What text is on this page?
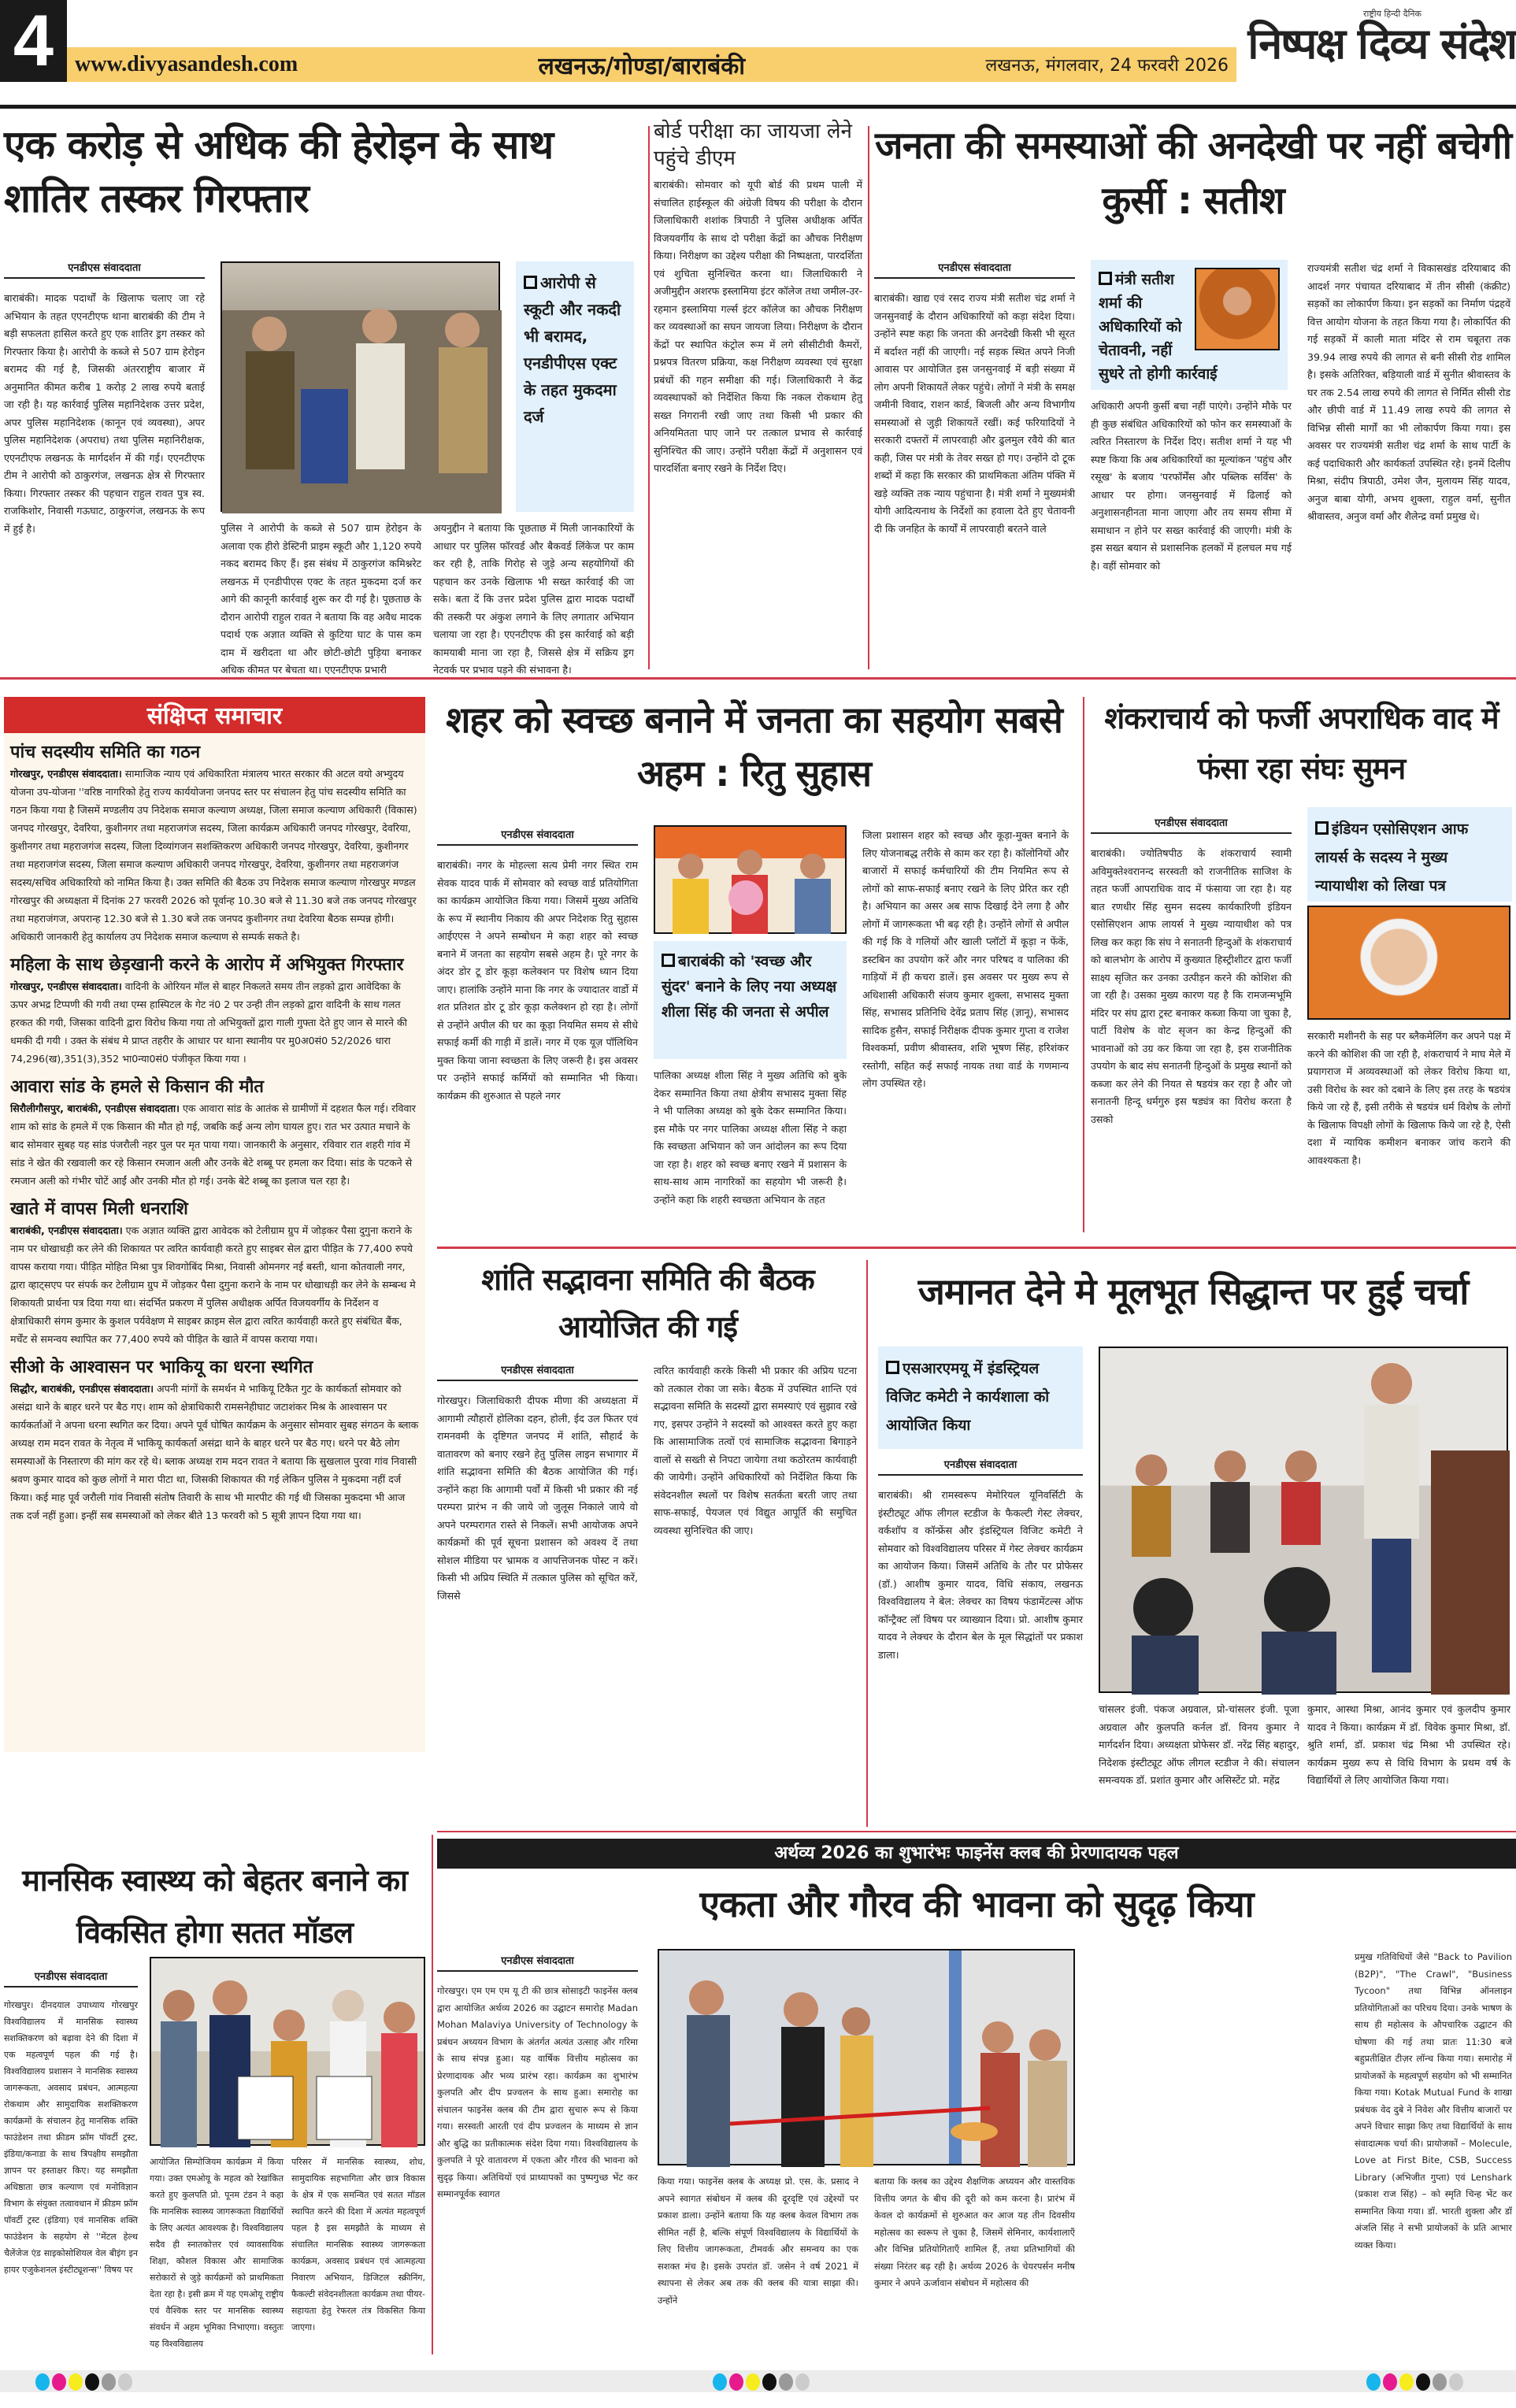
4 www.divyasandesh.com	लखनऊ/गोण्डा/बाराबंकी	लखनऊ, मंगलवार, 24 फरवरी 2026
राष्ट्रीय हिन्दी दैनिक
निष्पक्ष दिव्य संदेश
एक करोड़ से अधिक की हेरोइन के साथ शातिर तस्कर गिरफ्तार
एनडीएस संवाददाता
बाराबंकी। मादक पदार्थों के खिलाफ चलाए जा रहे अभियान के तहत एएनटीएफ थाना बाराबंकी की टीम ने बड़ी सफलता हासिल करते हुए एक शातिर ड्रग तस्कर को गिरफ्तार किया है। आरोपी के कब्जे से 507 ग्राम हेरोइन बरामद की गई है, जिसकी अंतरराष्ट्रीय बाजार में अनुमानित कीमत करीब 1 करोड़ 2 लाख रुपये बताई जा रही है। यह कार्रवाई पुलिस महानिदेशक उत्तर प्रदेश, अपर पुलिस महानिदेशक (कानून एवं व्यवस्था), अपर पुलिस महानिदेशक (अपराध) तथा पुलिस महानिरीक्षक, एएनटीएफ लखनऊ के मार्गदर्शन में की गई। एएनटीएफ टीम ने आरोपी को ठाकुरगंज, लखनऊ क्षेत्र से गिरफ्तार किया। गिरफ्तार तस्कर की पहचान राहुल रावत पुत्र स्व. राजकिशोर, निवासी गऊघाट, ठाकुरगंज, लखनऊ के रूप में हुई है।
आरोपी से स्कूटी और नकदी भी बरामद, एनडीपीएस एक्ट के तहत मुकदमा दर्ज
पुलिस ने आरोपी के कब्जे से 507 ग्राम हेरोइन के अलावा एक हीरो डेस्टिनी प्राइम स्कूटी और 1,120 रुपये नकद बरामद किए हैं। इस संबंध में ठाकुरगंज कमिश्नरेट लखनऊ में एनडीपीएस एक्ट के तहत मुकदमा दर्ज कर आगे की कानूनी कार्रवाई शुरू कर दी गई है। पूछताछ के दौरान आरोपी राहुल रावत ने बताया कि वह अवैध मादक पदार्थ एक अज्ञात व्यक्ति से कुटिया घाट के पास कम दाम में खरीदता था और छोटी-छोटी पुड़िया बनाकर अधिक कीमत पर बेचता था। एएनटीएफ प्रभारी
अयनुद्दीन ने बताया कि पूछताछ में मिली जानकारियों के आधार पर पुलिस फॉरवर्ड और बैकवर्ड लिंकेज पर काम कर रही है, ताकि गिरोह से जुड़े अन्य सहयोगियों की पहचान कर उनके खिलाफ भी सख्त कार्रवाई की जा सके। बता दें कि उत्तर प्रदेश पुलिस द्वारा मादक पदार्थों की तस्करी पर अंकुश लगाने के लिए लगातार अभियान चलाया जा रहा है। एएनटीएफ की इस कार्रवाई को बड़ी कामयाबी माना जा रहा है, जिससे क्षेत्र में सक्रिय ड्रग नेटवर्क पर प्रभाव पड़ने की संभावना है।
बोर्ड परीक्षा का जायजा लेने पहुंचे डीएम
बाराबंकी। सोमवार को यूपी बोर्ड की प्रथम पाली में संचालित हाईस्कूल की अंग्रेजी विषय की परीक्षा के दौरान जिलाधिकारी शशांक त्रिपाठी ने पुलिस अधीक्षक अर्पित विजयवर्गीय के साथ दो परीक्षा केंद्रों का औचक निरीक्षण किया। निरीक्षण का उद्देश्य परीक्षा की निष्पक्षता, पारदर्शिता एवं शुचिता सुनिश्चित करना था। जिलाधिकारी ने अजीमुद्दीन अशरफ इस्लामिया इंटर कॉलेज तथा जमील-उर-रहमान इस्लामिया गर्ल्स इंटर कॉलेज का औचक निरीक्षण कर व्यवस्थाओं का सघन जायजा लिया। निरीक्षण के दौरान केंद्रों पर स्थापित कंट्रोल रूम में लगे सीसीटीवी कैमरों, प्रश्नपत्र वितरण प्रक्रिया, कक्ष निरीक्षण व्यवस्था एवं सुरक्षा प्रबंधों की गहन समीक्षा की गई। जिलाधिकारी ने केंद्र व्यवस्थापकों को निर्देशित किया कि नकल रोकथाम हेतु सख्त निगरानी रखी जाए तथा किसी भी प्रकार की अनियमितता पाए जाने पर तत्काल प्रभाव से कार्रवाई सुनिश्चित की जाए। उन्होंने परीक्षा केंद्रों में अनुशासन एवं पारदर्शिता बनाए रखने के निर्देश दिए।
जनता की समस्याओं की अनदेखी पर नहीं बचेगी कुर्सी : सतीश
एनडीएस संवाददाता
बाराबंकी। खाद्य एवं रसद राज्य मंत्री सतीश चंद्र शर्मा ने जनसुनवाई के दौरान अधिकारियों को कड़ा संदेश दिया। उन्होंने स्पष्ट कहा कि जनता की अनदेखी किसी भी सूरत में बर्दाश्त नहीं की जाएगी। नई सड़क स्थित अपने निजी आवास पर आयोजित इस जनसुनवाई में बड़ी संख्या में लोग अपनी शिकायतें लेकर पहुंचे। लोगों ने मंत्री के समक्ष जमीनी विवाद, राशन कार्ड, बिजली और अन्य विभागीय समस्याओं से जुड़ी शिकायतें रखीं। कई फरियादियों ने सरकारी दफ्तरों में लापरवाही और ढुलमुल रवैये की बात कही, जिस पर मंत्री के तेवर सख्त हो गए। उन्होंने दो टूक शब्दों में कहा कि सरकार की प्राथमिकता अंतिम पंक्ति में खड़े व्यक्ति तक न्याय पहुंचाना है। मंत्री शर्मा ने मुख्यमंत्री योगी आदित्यनाथ के निर्देशों का हवाला देते हुए चेतावनी दी कि जनहित के कार्यों में लापरवाही बरतने वाले
मंत्री सतीश शर्मा की अधिकारियों को चेतावनी, नहीं सुधरे तो होगी कार्रवाई
अधिकारी अपनी कुर्सी बचा नहीं पाएंगे। उन्होंने मौके पर ही कुछ संबंधित अधिकारियों को फोन कर समस्याओं के त्वरित निस्तारण के निर्देश दिए। सतीश शर्मा ने यह भी स्पष्ट किया कि अब अधिकारियों का मूल्यांकन 'पहुंच और रसूख' के बजाय 'परफॉर्मेंस और पब्लिक सर्विस' के आधार पर होगा। जनसुनवाई में ढिलाई को अनुशासनहीनता माना जाएगा और तय समय सीमा में समाधान न होने पर सख्त कार्रवाई की जाएगी। मंत्री के इस सख्त बयान से प्रशासनिक हलकों में हलचल मच गई है। वहीं सोमवार को
राज्यमंत्री सतीश चंद्र शर्मा ने विकासखंड दरियाबाद की आदर्श नगर पंचायत दरियाबाद में तीन सीसी (कंक्रीट) सड़कों का लोकार्पण किया। इन सड़कों का निर्माण पंद्रहवें वित्त आयोग योजना के तहत किया गया है। लोकार्पित की गई सड़कों में काली माता मंदिर से राम चबूतरा तक 39.94 लाख रुपये की लागत से बनी सीसी रोड शामिल है। इसके अतिरिक्त, बड़ियाली वार्ड में सुनीत श्रीवास्तव के घर तक 2.54 लाख रुपये की लागत से निर्मित सीसी रोड और छीपी वार्ड में 11.49 लाख रुपये की लागत से विभिन्न सीसी मार्गों का भी लोकार्पण किया गया। इस अवसर पर राज्यमंत्री सतीश चंद्र शर्मा के साथ पार्टी के कई पदाधिकारी और कार्यकर्ता उपस्थित रहे। इनमें दिलीप मिश्रा, संदीप त्रिपाठी, उमेश जैन, मुलायम सिंह यादव, अनुज बाबा योगी, अभय शुक्ला, राहुल वर्मा, सुनीत श्रीवास्तव, अनुज वर्मा और शैलेन्द्र वर्मा प्रमुख थे।
संक्षिप्त समाचार
पांच सदस्यीय समिति का गठन
गोरखपुर, एनडीएस संवाददाता। सामाजिक न्याय एवं अधिकारिता मंत्रालय भारत सरकार की अटल वयो अभ्युदय योजना उप-योजना ''वरिष्ठ नागरिको हेतु राज्य कार्ययोजना जनपद स्तर पर संचालन हेतु पांच सदस्यीय समिति का गठन किया गया है जिसमें मण्डलीय उप निदेशक समाज कल्याण अध्यक्ष, जिला समाज कल्याण अधिकारी (विकास) जनपद गोरखपुर, देवरिया, कुशीनगर तथा महराजगंज सदस्य, जिला कार्यक्रम अधिकारी जनपद गोरखपुर, देवरिया, कुशीनगर तथा महराजगंज सदस्य, जिला दिव्यांगजन सशक्तिकरण अधिकारी जनपद गोरखपुर, देवरिया, कुशीनगर तथा महराजगंज सदस्य, जिला समाज कल्याण अधिकारी जनपद गोरखपुर, देवरिया, कुशीनगर तथा महराजगंज सदस्य/सचिव अधिकारियो को नामित किया है। उक्त समिति की बैठक उप निदेशक समाज कल्याण गोरखपुर मण्डल गोरखपुर की अध्यक्षता में दिनांक 27 फरवरी 2026 को पूर्वान्ह 10.30 बजे से 11.30 बजे तक जनपद गोरखपुर तथा महराजंगज, अपरान्ह 12.30 बजे से 1.30 बजे तक जनपद कुशीनगर तथा देवरिया बैठक सम्पन्न होगी। अधिकारी जानकारी हेतु कार्यालय उप निदेशक समाज कल्याण से सम्पर्क सकते है।
महिला के साथ छेड़खानी करने के आरोप में अभियुक्त गिरफ्तार
गोरखपुर, एनडीएस संवाददाता। वादिनी के ओरियन मॉल से बाहर निकलते समय तीन लड़को द्वारा आवेदिका के ऊपर अभद्र टिप्पणी की गयी तथा एम्स हास्पिटल के गेट नं0 2 पर उन्ही तीन लड़को द्वारा वादिनी के साथ गलत हरकत की गयी, जिसका वादिनी द्वारा विरोध किया गया तो अभियुक्तों द्वारा गाली गुफ्ता देते हुए जान से मारने की धमकी दी गयी । उक्त के संबंध मे प्राप्त तहरीर के आधार पर थाना स्थानीय पर मु0अ0सं0 52/2026 धारा 74,296(ख),351(3),352 भा0न्या0सं0 पंजीकृत किया गया ।
आवारा सांड के हमले से किसान की मौत
सिरौलीगौसपुर, बाराबंकी, एनडीएस संवाददाता। एक आवारा सांड के आतंक से ग्रामीणों में दहशत फैल गई। रविवार शाम को सांड के हमले में एक किसान की मौत हो गई, जबकि कई अन्य लोग घायल हुए। रात भर उत्पात मचाने के बाद सोमवार सुबह यह सांड पंजरौली नहर पुल पर मृत पाया गया। जानकारी के अनुसार, रविवार रात शहरी गांव में सांड ने खेत की रखवाली कर रहे किसान रमजान अली और उनके बेटे शब्बू पर हमला कर दिया। सांड के पटकने से रमजान अली को गंभीर चोटें आईं और उनकी मौत हो गई। उनके बेटे शब्बू का इलाज चल रहा है।
खाते में वापस मिली धनराशि
बाराबंकी, एनडीएस संवाददाता। एक अज्ञात व्यक्ति द्वारा आवेदक को टेलीग्राम ग्रुप में जोड़कर पैसा दुगुना कराने के नाम पर धोखाधड़ी कर लेने की शिकायत पर त्वरित कार्यवाही करते हुए साइबर सेल द्वारा पीड़ित के 77,400 रुपये वापस कराया गया। पीड़ित मोहित मिश्रा पुत्र शिवगोबिंद मिश्रा, निवासी ओमनगर नई बस्ती, थाना कोतवाली नगर, द्वारा व्हाट्सएप पर संपर्क कर टेलीग्राम ग्रुप में जोड़कर पैसा दुगुना कराने के नाम पर धोखाधड़ी कर लेने के सम्बन्ध मे शिकायती प्रार्थना पत्र दिया गया था। संदर्भित प्रकरण में पुलिस अधीक्षक अर्पित विजयवर्गीय के निर्देशन व क्षेत्राधिकारी संगम कुमार के कुशल पर्यवेक्षण मे साइबर क्राइम सेल द्वारा त्वरित कार्यवाही करते हुए संबंधित बैंक, मर्चेंट से समन्वय स्थापित कर 77,400 रुपये को पीड़ित के खाते में वापस कराया गया।
सीओ के आश्वासन पर भाकियू का धरना स्थगित
सिद्धौर, बाराबंकी, एनडीएस संवाददाता। अपनी मांगों के समर्थन मे भाकियू टिकैत गुट के कार्यकर्ता सोमवार को असंद्रा थाने के बाहर धरने पर बैठ गए। शाम को क्षेत्राधिकारी रामसनेहीघाट जटाशंकर मिश्र के आश्वासन पर कार्यकर्ताओं ने अपना धरना स्थगित कर दिया। अपने पूर्व घोषित कार्यक्रम के अनुसार सोमवार सुबह संगठन के ब्लाक अध्यक्ष राम मदन रावत के नेतृत्व में भाकियू कार्यकर्ता असंद्रा थाने के बाहर धरने पर बैठ गए। धरने पर बैठे लोग समस्याओं के निस्तारण की मांग कर रहे थे। ब्लाक अध्यक्ष राम मदन रावत ने बताया कि सुखलाल पुरवा गांव निवासी श्रवण कुमार यादव को कुछ लोगों ने मारा पीटा था, जिसकी शिकायत की गई लेकिन पुलिस ने मुकदमा नहीं दर्ज किया। कई माह पूर्व जरौली गांव निवासी संतोष तिवारी के साथ भी मारपीट की गई थी जिसका मुकदमा भी आज तक दर्ज नहीं हुआ। इन्हीं सब समस्याओं को लेकर बीते 13 फरवरी को 5 सूत्री ज्ञापन दिया गया था।
शहर को स्वच्छ बनाने में जनता का सहयोग सबसे अहम : रितु सुहास
एनडीएस संवाददाता
बाराबंकी। नगर के मोहल्ला सत्य प्रेमी नगर स्थित राम सेवक यादव पार्क में सोमवार को स्वच्छ वार्ड प्रतियोगिता का कार्यक्रम आयोजित किया गया। जिसमें मुख्य अतिथि के रूप में स्थानीय निकाय की अपर निदेशक रितु सुहास आईएएस ने अपने सम्बोधन मे कहा शहर को स्वच्छ बनाने में जनता का सहयोग सबसे अहम है। पूरे नगर के अंदर डोर टू डोर कूड़ा कलेक्शन पर विशेष ध्यान दिया जाए। हालांकि उन्होंने माना कि नगर के ज्यादातर वार्डो में शत प्रतिशत डोर टू डोर कूड़ा कलेक्शन हो रहा है। लोगों से उन्होंने अपील की घर का कूड़ा नियमित समय से सीधे सफाई कर्मी की गाड़ी में डालें। नगर में एक यूज़ पॉलिथिन मुक्त किया जाना स्वच्छता के लिए जरूरी है। इस अवसर पर उन्होंने सफाई कर्मियों को सम्मानित भी किया। कार्यक्रम की शुरुआत से पहले नगर
बाराबंकी को 'स्वच्छ और सुंदर' बनाने के लिए नया अध्यक्ष शीला सिंह की जनता से अपील
पालिका अध्यक्ष शीला सिंह ने मुख्य अतिथि को बुके देकर सम्मानित किया तथा क्षेत्रीय सभासद मुक्ता सिंह ने भी पालिका अध्यक्ष को बुके देकर सम्मानित किया। इस मौके पर नगर पालिका अध्यक्ष शीला सिंह ने कहा कि स्वच्छता अभियान को जन आंदोलन का रूप दिया जा रहा है। शहर को स्वच्छ बनाए रखने में प्रशासन के साथ-साथ आम नागरिकों का सहयोग भी जरूरी है। उन्होंने कहा कि शहरी स्वच्छता अभियान के तहत
जिला प्रशासन शहर को स्वच्छ और कूड़ा-मुक्त बनाने के लिए योजनाबद्ध तरीके से काम कर रहा है। कॉलोनियों और बाजारों में सफाई कर्मचारियों की टीम नियमित रूप से लोगों को साफ-सफाई बनाए रखने के लिए प्रेरित कर रही है। अभियान का असर अब साफ दिखाई देने लगा है और लोगों में जागरूकता भी बढ़ रही है। उन्होंने लोगों से अपील की गई कि वे गलियों और खाली प्लॉटों में कूड़ा न फेंकें, डस्टबिन का उपयोग करें और नगर परिषद व पालिका की गाड़ियों में ही कचरा डालें। इस अवसर पर मुख्य रूप से अधिशासी अधिकारी संजय कुमार शुक्ला, सभासद मुक्ता सिंह, सभासद प्रतिनिधि देवेंद्र प्रताप सिंह (ज्ञानू), सभासद सादिक हुसैन, सफाई निरीक्षक दीपक कुमार गुप्ता व राजेश विश्वकर्मा, प्रवीण श्रीवास्तव, शशि भूषण सिंह, हरिशंकर रस्तोगी, सहित कई सफाई नायक तथा वार्ड के गणमान्य लोग उपस्थित रहे।
शंकराचार्य को फर्जी अपराधिक वाद में फंसा रहा संघः सुमन
एनडीएस संवाददाता
बाराबंकी। ज्योतिषपीठ के शंकराचार्य स्वामी अविमुक्तेश्वरानन्द सरस्वती को राजनीतिक साजिश के तहत फर्जी आपराधिक वाद में फंसाया जा रहा है। यह बात रणधीर सिंह सुमन सदस्य कार्यकारिणी इंडियन एसोसिएशन आफ लायर्स ने मुख्य न्यायाधीश को पत्र लिख कर कहा कि संघ ने सनातनी हिन्दुओं के शंकराचार्य को बालभोग के आरोप में कुख्यात हिस्ट्रीशीटर द्वारा फर्जी साक्ष्य सृजित कर उनका उत्पीड़न करने की कोशिश की जा रही है। उसका मुख्य कारण यह है कि रामजन्मभूमि मंदिर पर संघ द्वारा ट्रस्ट बनाकर कब्जा किया जा चुका है, पार्टी विशेष के वोट सृजन का केन्द्र हिन्दुओं की भावनाओं को उग्र कर किया जा रहा है, इस राजनीतिक उपयोग के बाद संघ सनातनी हिन्दुओं के प्रमुख स्थानों को कब्जा कर लेने की नियत से षडयंत्र कर रहा है और जो सनातनी हिन्दू धर्मगुरु इस षड्यंत्र का विरोध करता है उसको
इंडियन एसोसिएशन आफ लायर्स के सदस्य ने मुख्य न्यायाधीश को लिखा पत्र
सरकारी मशीनरी के सह पर ब्लैकमेलिंग कर अपने पक्ष में करने की कोशिश की जा रही है, शंकराचार्य ने माघ मेले में प्रयागराज में अव्यवस्थाओं को लेकर विरोध किया था, उसी विरोध के स्वर को दबाने के लिए इस तरह के षडयंत्र किये जा रहे हैं, इसी तरीके से षडयंत्र धर्म विशेष के लोगों के खिलाफ विपक्षी लोगों के खिलाफ किये जा रहे है, ऐसी दशा में न्यायिक कमीशन बनाकर जांच कराने की आवश्यकता है।
शांति सद्भावना समिति की बैठक आयोजित की गई
एनडीएस संवाददाता
गोरखपुर। जिलाधिकारी दीपक मीणा की अध्यक्षता में आगामी त्यौहारों होलिका दहन, होली, ईद उल फितर एवं रामनवमी के दृष्टिगत जनपद में शांति, सौहार्द के वातावरण को बनाए रखने हेतु पुलिस लाइन सभागार में शांति सद्भावना समिति की बैठक आयोजित की गई। उन्होंने कहा कि आगामी पर्वों में किसी भी प्रकार की नई परम्परा प्रारंभ न की जाये जो जुलूस निकाले जाये वो अपने परम्परागत रास्ते से निकलें। सभी आयोजक अपने कार्यक्रमों की पूर्व सूचना प्रशासन को अवश्य दें तथा सोशल मीडिया पर भ्रामक व आपत्तिजनक पोस्ट न करें। किसी भी अप्रिय स्थिति में तत्काल पुलिस को सूचित करें, जिससे
त्वरित कार्यवाही करके किसी भी प्रकार की अप्रिय घटना को तत्काल रोका जा सके। बैठक में उपस्थित शान्ति एवं सद्भावना समिति के सदस्यों द्वारा समस्याएं एवं सुझाव रखे गए, इसपर उन्होंने ने सदस्यों को आश्वस्त करते हुए कहा कि आसामाजिक तत्वों एवं सामाजिक सद्भावना बिगाड़ने वालों से सख्ती से निपटा जायेगा तथा कठोरतम कार्यवाही की जायेगी। उन्होंने अधिकारियों को निर्देशित किया कि संवेदनशील स्थलों पर विशेष सतर्कता बरती जाए तथा साफ-सफाई, पेयजल एवं विद्युत आपूर्ति की समुचित व्यवस्था सुनिश्चित की जाए।
जमानत देने मे मूलभूत सिद्धान्त पर हुई चर्चा
एसआरएमयू में इंडस्ट्रियल विजिट कमेटी ने कार्यशाला को आयोजित किया
एनडीएस संवाददाता
बाराबंकी। श्री रामस्वरूप मेमोरियल यूनिवर्सिटी के इंस्टीट्यूट ऑफ लीगल स्टडीज के फैकल्टी गेस्ट लेक्चर, वर्कशॉप व कॉन्फ्रेंस और इंडस्ट्रियल विजिट कमेटी ने सोमवार को विश्वविद्यालय परिसर में गेस्ट लेक्चर कार्यक्रम का आयोजन किया। जिसमें अतिथि के तौर पर प्रोफेसर (डॉ.) आशीष कुमार यादव, विधि संकाय, लखनऊ विश्वविद्यालय ने बेल: लेक्चर का विषय फंडामेंटल्स ऑफ कॉन्ट्रैक्ट लॉ विषय पर व्याख्यान दिया। प्रो. आशीष कुमार यादव ने लेक्चर के दौरान बेल के मूल सिद्धांतों पर प्रकाश डाला।
चांसलर इंजी. पंकज अग्रवाल, प्रो-चांसलर इंजी. पूजा अग्रवाल और कुलपति कर्नल डॉ. विनय कुमार ने मार्गदर्शन दिया। अध्यक्षता प्रोफेसर डॉ. नरेंद्र सिंह बहादुर, निदेशक इंस्टीट्यूट ऑफ लीगल स्टडीज ने की। संचालन समन्वयक डॉ. प्रशांत कुमार और असिस्टेंट प्रो. महेंद्र
कुमार, आस्था मिश्रा, आनंद कुमार एवं कुलदीप कुमार यादव ने किया। कार्यक्रम में डॉ. विवेक कुमार मिश्रा, डॉ. श्रुति शर्मा, डॉ. प्रकाश चंद्र मिश्रा भी उपस्थित रहे। कार्यक्रम मुख्य रूप से विधि विभाग के प्रथम वर्ष के विद्यार्थियों ले लिए आयोजित किया गया।
मानसिक स्वास्थ्य को बेहतर बनाने का विकसित होगा सतत मॉडल
एनडीएस संवाददाता
गोरखपुर। दीनदयाल उपाध्याय गोरखपुर विश्वविद्यालय में मानसिक स्वास्थ्य सशक्तिकरण को बढ़ावा देने की दिशा में एक महत्वपूर्ण पहल की गई है। विश्वविद्यालय प्रशासन ने मानसिक स्वास्थ्य जागरूकता, अवसाद प्रबंधन, आत्महत्या रोकथाम और सामुदायिक सशक्तिकरण कार्यक्रमों के संचालन हेतु मानसिक शक्ति फाउंडेशन तथा फ्रीडम फ्रॉम पॉवर्टी ट्रस्ट, इंडिया/कनाडा के साथ त्रिपक्षीय समझौता ज्ञापन पर हस्ताक्षर किए। यह समझौता अधिष्ठाता छात्र कल्याण एवं मनोविज्ञान विभाग के संयुक्त तत्वावधान में फ्रीडम फ्रॉम पॉवर्टी ट्रस्ट (इंडिया) एवं मानसिक शक्ति फाउंडेशन के सहयोग से ''मेंटल हेल्थ चैलेंजेज एंड साइकोसोशियल वेल बीइंग इन हायर एजुकेशनल इंस्टीट्यूशन्स'' विषय पर
आयोजित सिम्पोजियम कार्यक्रम में किया गया। उक्त एमओयू के महत्व को रेखांकित करते हुए कुलपति प्रो. पूनम टंडन ने कहा कि मानसिक स्वास्थ्य जागरूकता विद्यार्थियों के लिए अत्यंत आवश्यक है। विश्वविद्यालय सदैव ही स्नातकोत्तर एवं व्यावसायिक शिक्षा, कौशल विकास और सामाजिक सरोकारों से जुड़े कार्यक्रमों को प्राथमिकता देता रहा है। इसी क्रम में यह एमओयू राष्ट्रीय एवं वैश्विक स्तर पर मानसिक स्वास्थ्य संवर्धन में अहम भूमिका निभाएगा। वस्तुतः यह विश्वविद्यालय
परिसर में मानसिक स्वास्थ्य, शोध, सामुदायिक सहभागिता और छात्र विकास के क्षेत्र में एक समन्वित एवं सतत मॉडल स्थापित करने की दिशा में अत्यंत महत्वपूर्ण पहल है इस समझौते के माध्यम से संचालित मानसिक स्वास्थ्य जागरूकता कार्यक्रम, अवसाद प्रबंधन एवं आत्महत्या निवारण अभियान, डिजिटल स्क्रीनिंग, फैकल्टी संवेदनशीलता कार्यक्रम तथा पीयर-सहायता हेतु रेफरल तंत्र विकसित किया जाएगा।
अर्थव्य 2026 का शुभारंभः फाइनेंस क्लब की प्रेरणादायक पहल
एकता और गौरव की भावना को सुदृढ़ किया
एनडीएस संवाददाता
गोरखपुर। एम एम एम यू टी की छात्र सोसाइटी फाइनेंस क्लब द्वारा आयोजित अर्थव्य 2026 का उद्घाटन समारोह Madan Mohan Malaviya University of Technology के प्रबंधन अध्ययन विभाग के अंतर्गत अत्यंत उत्साह और गरिमा के साथ संपन्न हुआ। यह वार्षिक वित्तीय महोत्सव का प्रेरणादायक और भव्य प्रारंभ रहा। कार्यक्रम का शुभारंभ कुलपति और दीप प्रज्वलन के साथ हुआ। समारोह का संचालन फाइनेंस क्लब की टीम द्वारा सुचारु रूप से किया गया। सरस्वती आरती एवं दीप प्रज्वलन के माध्यम से ज्ञान और बुद्धि का प्रतीकात्मक संदेश दिया गया। विश्वविद्यालय के कुलपति ने पूरे वातावरण में एकता और गौरव की भावना को सुदृढ़ किया। अतिथियों एवं प्राध्यापकों का पुष्पगुच्छ भेंट कर सम्मानपूर्वक स्वागत
किया गया। फाइनेंस क्लब के अध्यक्ष प्रो. एस. के. प्रसाद ने अपने स्वागत संबोधन में क्लब की दूरदृष्टि एवं उद्देश्यों पर प्रकाश डाला। उन्होंने बताया कि यह क्लब केवल विभाग तक सीमित नहीं है, बल्कि संपूर्ण विश्वविद्यालय के विद्यार्थियों के लिए वित्तीय जागरूकता, टीमवर्क और समन्वय का एक सशक्त मंच है। इसके उपरांत डॉ. जसेन ने वर्ष 2021 में स्थापना से लेकर अब तक की क्लब की यात्रा साझा की। उन्होंने
बताया कि क्लब का उद्देश्य शैक्षणिक अध्ययन और वास्तविक वित्तीय जगत के बीच की दूरी को कम करना है। प्रारंभ में केवल दो कार्यक्रमों से शुरुआत कर आज यह तीन दिवसीय महोत्सव का स्वरूप ले चुका है, जिसमें सेमिनार, कार्यशालाएँ और विभिन्न प्रतियोगिताएँ शामिल हैं, तथा प्रतिभागियों की संख्या निरंतर बढ़ रही है। अर्थव्य 2026 के चेयरपर्सन मनीष कुमार ने अपने ऊर्जावान संबोधन में महोत्सव की
प्रमुख गतिविधियों जैसे "Back to Pavilion (B2P)", "The Crawl", "Business Tycoon" तथा विभिन्न ऑनलाइन प्रतियोगिताओं का परिचय दिया। उनके भाषण के साथ ही महोत्सव के औपचारिक उद्घाटन की घोषणा की गई तथा प्रातः 11:30 बजे बहुप्रतीक्षित टीज़र लॉन्च किया गया। समारोह में प्रायोजकों के महत्वपूर्ण सहयोग को भी सम्मानित किया गया। Kotak Mutual Fund के शाखा प्रबंधक वेद दुबे ने निवेश और वित्तीय बाजारों पर अपने विचार साझा किए तथा विद्यार्थियों के साथ संवादात्मक चर्चा की। प्रायोजकों – Molecule, Love at First Bite, CSB, Success Library (अभिजीत गुप्ता) एवं Lenshark (प्रकाश राज सिंह) – को स्मृति चिन्ह भेंट कर सम्मानित किया गया। डॉ. भारती शुक्ला और डॉ अंजलि सिंह ने सभी प्रायोजकों के प्रति आभार व्यक्त किया।
